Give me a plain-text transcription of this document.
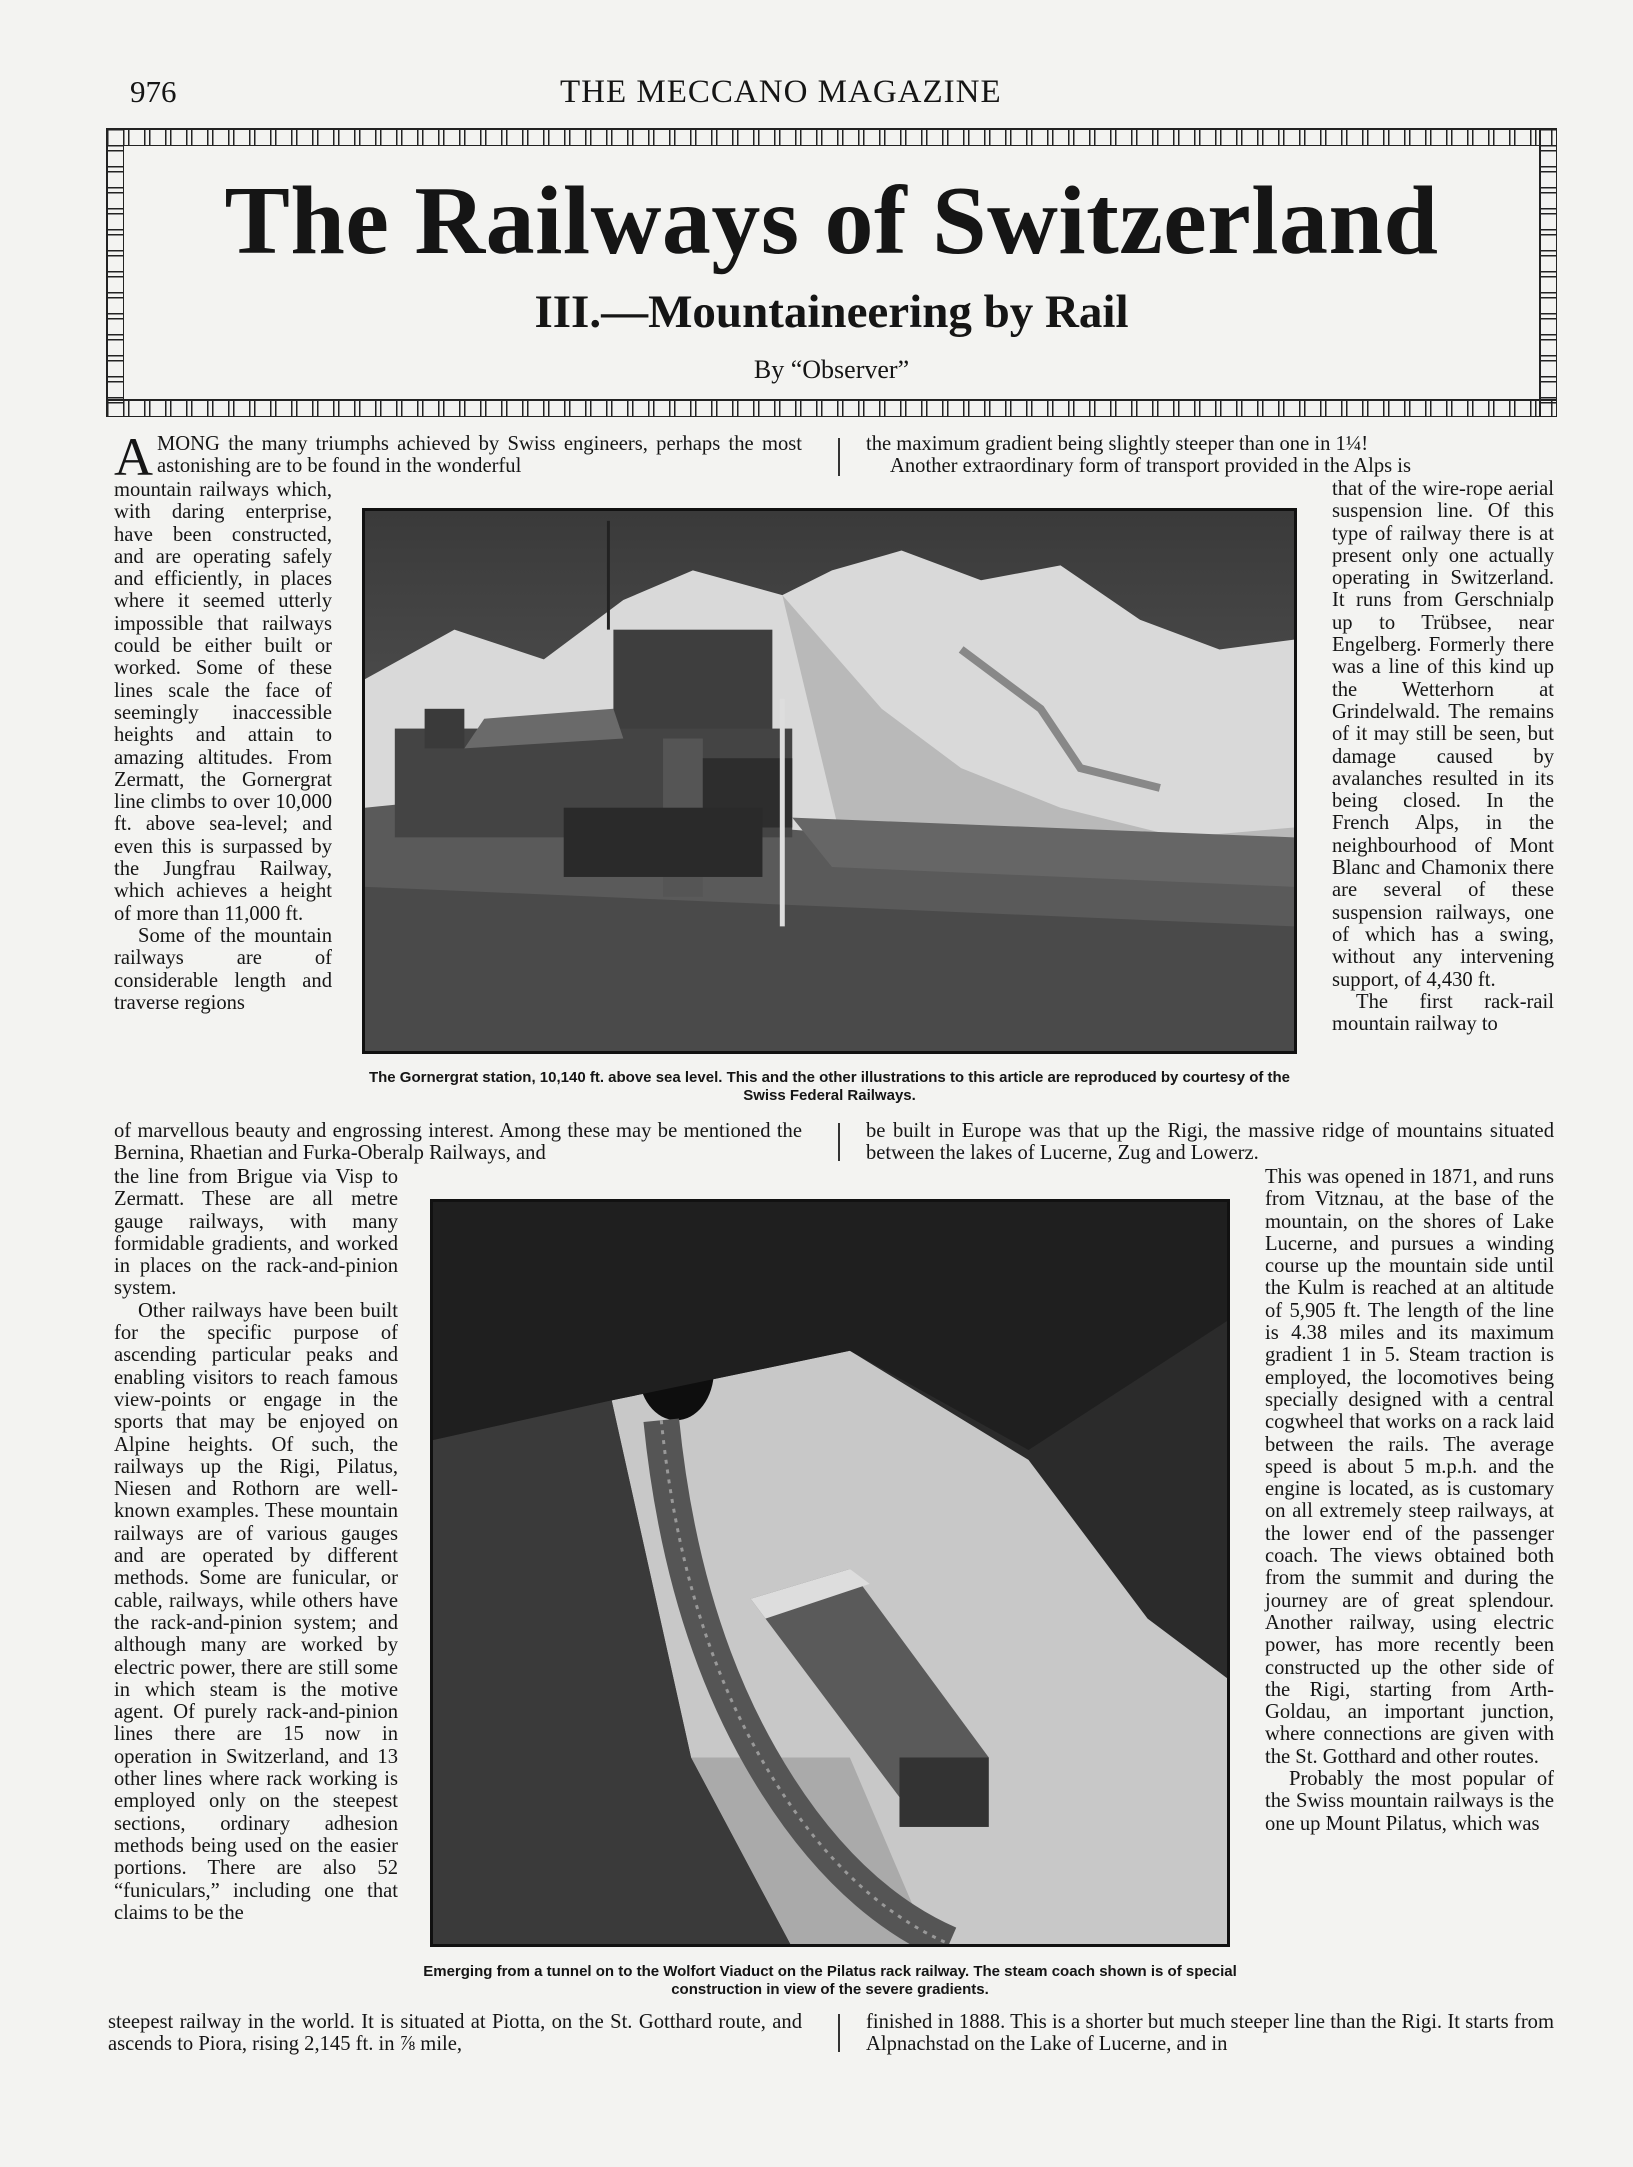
976	THE MECCANO MAGAZINE
The Railways of Switzerland
III.—Mountaineering by Rail
By “Observer”
AMONG the many triumphs achieved by Swiss engineers, perhaps the most astonishing are to be found in the wonderful

mountain railways which, with daring enterprise, have been constructed, and are operating safely and efficiently, in places where it seemed utterly impossible that railways could be either built or worked. Some of these lines scale the face of seemingly inaccessible heights and attain to amazing altitudes. From Zermatt, the Gornergrat line climbs to over 10,000 ft. above sea-level; and even this is surpassed by the Jungfrau Railway, which achieves a height of more than 11,000 ft.

Some of the mountain railways are of considerable length and traverse regions

of marvellous beauty and engrossing interest. Among these may be mentioned the Bernina, Rhaetian and Furka-Oberalp Railways, and

the line from Brigue via Visp to Zermatt. These are all metre gauge railways, with many formidable gradients, and worked in places on the rack-and-pinion system.

Other railways have been built for the specific purpose of ascending particular peaks and enabling visitors to reach famous view-points or engage in the sports that may be enjoyed on Alpine heights. Of such, the railways up the Rigi, Pilatus, Niesen and Rothorn are well-known examples. These mountain railways are of various gauges and are operated by different methods. Some are funicular, or cable, railways, while others have the rack-and-pinion system; and although many are worked by electric power, there are still some in which steam is the motive agent. Of purely rack-and-pinion lines there are 15 now in operation in Switzerland, and 13 other lines where rack working is employed only on the steepest sections, ordinary adhesion methods being used on the easier portions. There are also 52 “funiculars,” including one that claims to be the

steepest railway in the world. It is situated at Piotta, on the St. Gotthard route, and ascends to Piora, rising 2,145 ft. in ⅞ mile,

the maximum gradient being slightly steeper than one in 1¼!

Another extraordinary form of transport provided in the Alps is

that of the wire-rope aerial suspension line. Of this type of railway there is at present only one actually operating in Switzerland. It runs from Gerschnialp up to Trübsee, near Engelberg. Formerly there was a line of this kind up the Wetterhorn at Grindelwald. The remains of it may still be seen, but damage caused by avalanches resulted in its being closed. In the French Alps, in the neighbourhood of Mont Blanc and Chamonix there are several of these suspension railways, one of which has a swing, without any intervening support, of 4,430 ft.

The first rack-rail mountain railway to

be built in Europe was that up the Rigi, the massive ridge of mountains situated between the lakes of Lucerne, Zug and Lowerz.

This was opened in 1871, and runs from Vitznau, at the base of the mountain, on the shores of Lake Lucerne, and pursues a winding course up the mountain side until the Kulm is reached at an altitude of 5,905 ft. The length of the line is 4.38 miles and its maximum gradient 1 in 5. Steam traction is employed, the locomotives being specially designed with a central cogwheel that works on a rack laid between the rails. The average speed is about 5 m.p.h. and the engine is located, as is customary on all extremely steep railways, at the lower end of the passenger coach. The views obtained both from the summit and during the journey are of great splendour. Another railway, using electric power, has more recently been constructed up the other side of the Rigi, starting from Arth-Goldau, an important junction, where connections are given with the St. Gotthard and other routes.

Probably the most popular of the Swiss mountain railways is the one up Mount Pilatus, which was

finished in 1888. This is a shorter but much steeper line than the Rigi. It starts from Alpnachstad on the Lake of Lucerne, and in

The Gornergrat station, 10,140 ft. above sea level. This and the other illustrations to this article are reproduced by courtesy of the Swiss Federal Railways.
Emerging from a tunnel on to the Wolfort Viaduct on the Pilatus rack railway. The steam coach shown is of special construction in view of the severe gradients.
